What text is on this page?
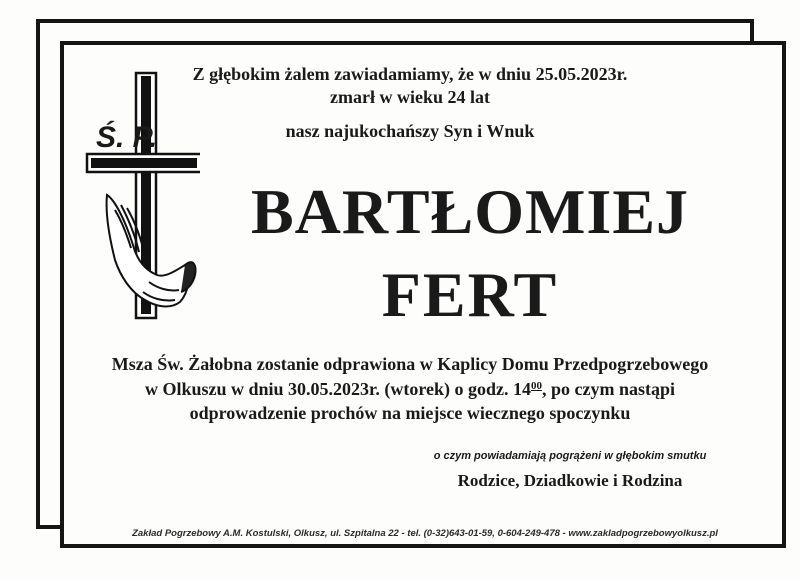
Ś. P.
Z głębokim żalem zawiadamiamy, że w dniu 25.05.2023r.
zmarł w wieku 24 lat
nasz najukochańszy Syn i Wnuk
BARTŁOMIEJ
FERT
Msza Św. Żałobna zostanie odprawiona w Kaplicy Domu Przedpogrzebowego
w Olkuszu w dniu 30.05.2023r. (wtorek) o godz. $14^{00}$, po czym nastąpi
odprowadzenie prochów na miejsce wiecznego spoczynku
o czym powiadamiają pogrążeni w głębokim smutku
Rodzice, Dziadkowie i Rodzina
Zakład Pogrzebowy A.M. Kostulski, Olkusz, ul. Szpitalna 22 - tel. (0-32)643-01-59, 0-604-249-478 - www.zakladpogrzebowyolkusz.pl
